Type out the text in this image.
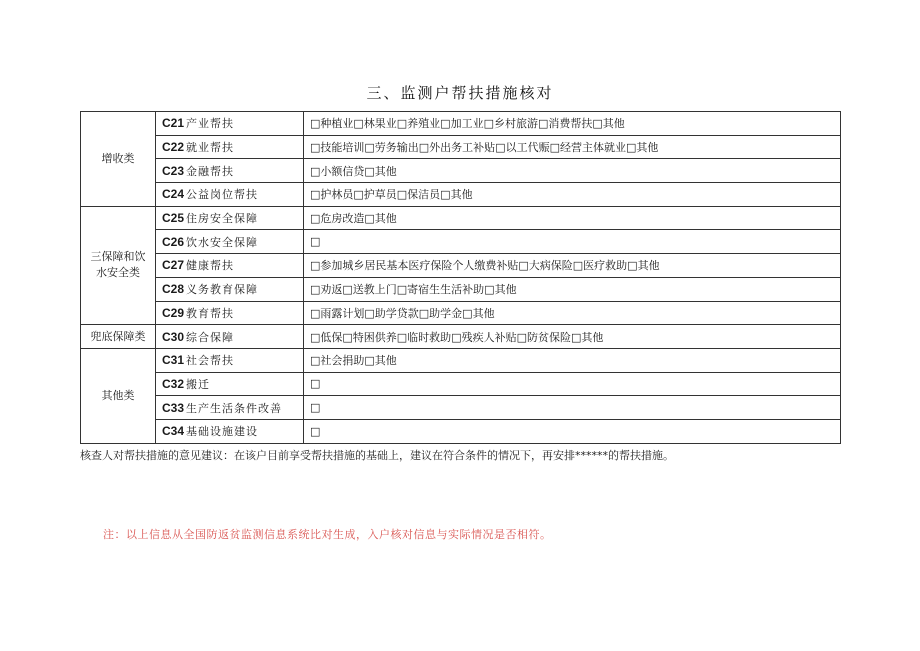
三、监测户帮扶措施核对
增收类	C21 产业帮扶	□种植业□林果业□养殖业□加工业□乡村旅游□消费帮扶□其他
	C22 就业帮扶	□技能培训□劳务输出□外出务工补贴□以工代赈□经营主体就业□其他
	C23 金融帮扶	□小额信贷□其他
	C24 公益岗位帮扶	□护林员□护草员□保洁员□其他
三保障和饮水安全类	C25 住房安全保障	□危房改造□其他
	C26 饮水安全保障	□
	C27 健康帮扶	□参加城乡居民基本医疗保险个人缴费补贴□大病保险□医疗救助□其他
	C28 义务教育保障	□劝返□送教上门□寄宿生生活补助□其他
	C29 教育帮扶	□雨露计划□助学贷款□助学金□其他
兜底保障类	C30 综合保障	□低保□特困供养□临时救助□残疾人补贴□防贫保险□其他
其他类	C31 社会帮扶	□社会捐助□其他
	C32 搬迁	□
	C33 生产生活条件改善	□
	C34 基础设施建设	□
核查人对帮扶措施的意见建议：在该户目前享受帮扶措施的基础上，建议在符合条件的情况下，再安排******的帮扶措施。
注：以上信息从全国防返贫监测信息系统比对生成，入户核对信息与实际情况是否相符。
